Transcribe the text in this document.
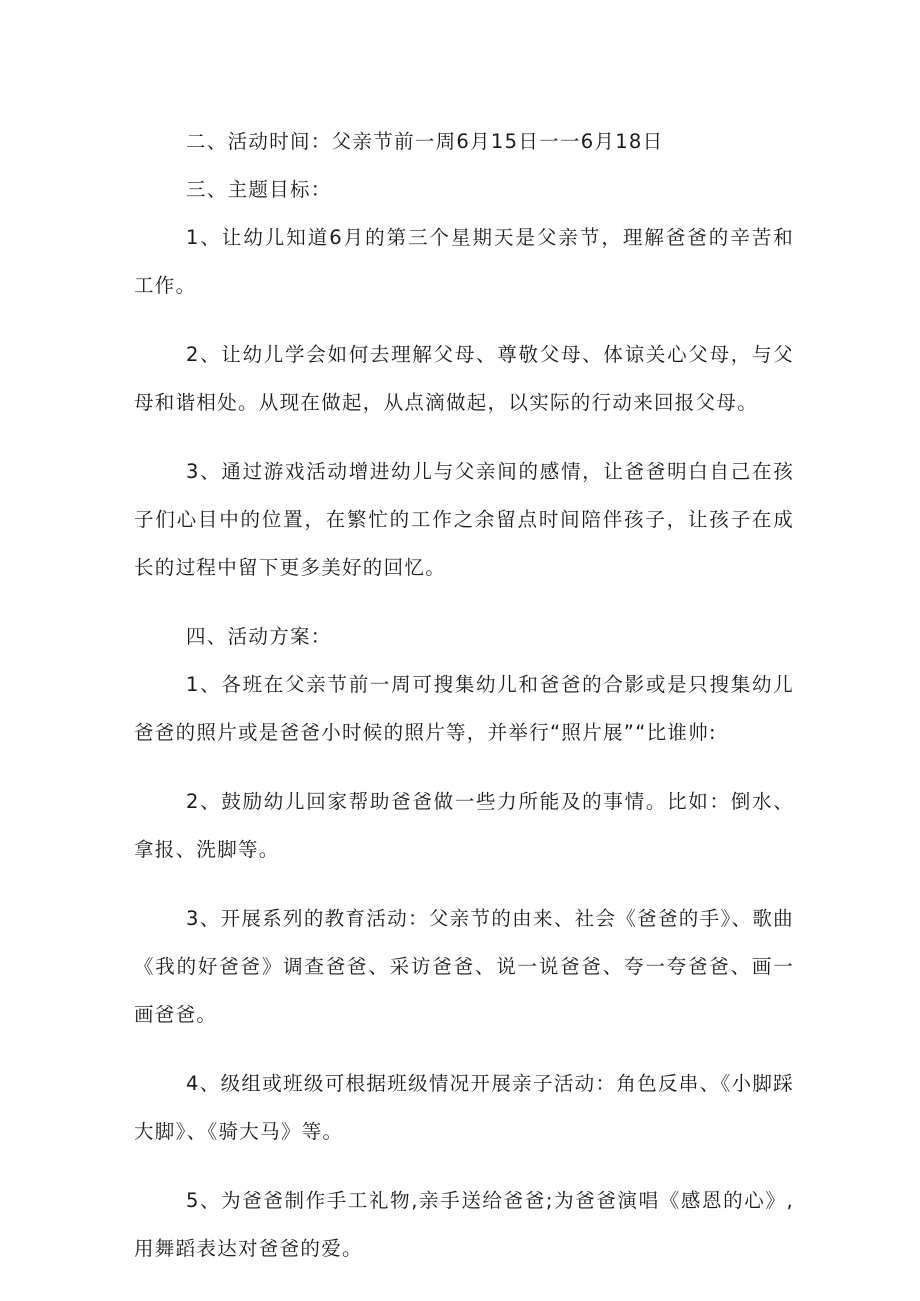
二、活动时间：父亲节前一周6月15日一一6月18日

三、主题目标：

1、让幼儿知道6月的第三个星期天是父亲节，理解爸爸的辛苦和工作。

2、让幼儿学会如何去理解父母、尊敬父母、体谅关心父母，与父母和谐相处。从现在做起，从点滴做起，以实际的行动来回报父母。

3、通过游戏活动增进幼儿与父亲间的感情，让爸爸明白自己在孩子们心目中的位置，在繁忙的工作之余留点时间陪伴孩子，让孩子在成长的过程中留下更多美好的回忆。

四、活动方案：

1、各班在父亲节前一周可搜集幼儿和爸爸的合影或是只搜集幼儿爸爸的照片或是爸爸小时候的照片等，并举行“照片展”“比谁帅:

2、鼓励幼儿回家帮助爸爸做一些力所能及的事情。比如：倒水、拿报、洗脚等。

3、开展系列的教育活动：父亲节的由来、社会《爸爸的手》、歌曲《我的好爸爸》调查爸爸、采访爸爸、说一说爸爸、夸一夸爸爸、画一画爸爸。

4、级组或班级可根据班级情况开展亲子活动：角色反串、《小脚踩大脚》、《骑大马》等。

5、为爸爸制作手工礼物,亲手送给爸爸;为爸爸演唱《感恩的心》,用舞蹈表达对爸爸的爱。
